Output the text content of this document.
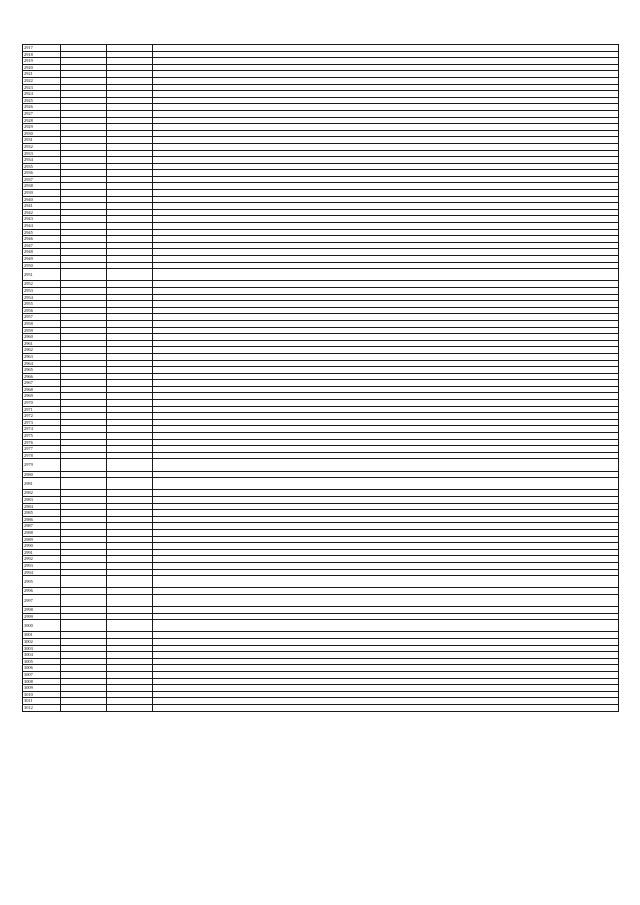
2917			
2918			
2919			
2920			
2921			
2922			
2923			
2924			
2925			
2926			
2927			
2928			
2929			
2930			
2931			
2932			
2933			
2934			
2935			
2936			
2937			
2938			
2939			
2940			
2941			
2942			
2943			
2944			
2945			
2946			
2947			
2948			
2949			
2950			
2951			
2952			
2953			
2954			
2955			
2956			
2957			
2958			
2959			
2960			
2961			
2962			
2963			
2964			
2965			
2966			
2967			
2968			
2969			
2970			
2971			
2972			
2973			
2974			
2975			
2976			
2977			
2978			
2979			
2980			
2981			
2982			
2983			
2984			
2985			
2986			
2987			
2988			
2989			
2990			
2991			
2992			
2993			
2994			
2995			
2996			
2997			
2998			
2999			
3000			
3001			
3002			
3003			
3004			
3005			
3006			
3007			
3008			
3009			
3010			
3011			
3012			
